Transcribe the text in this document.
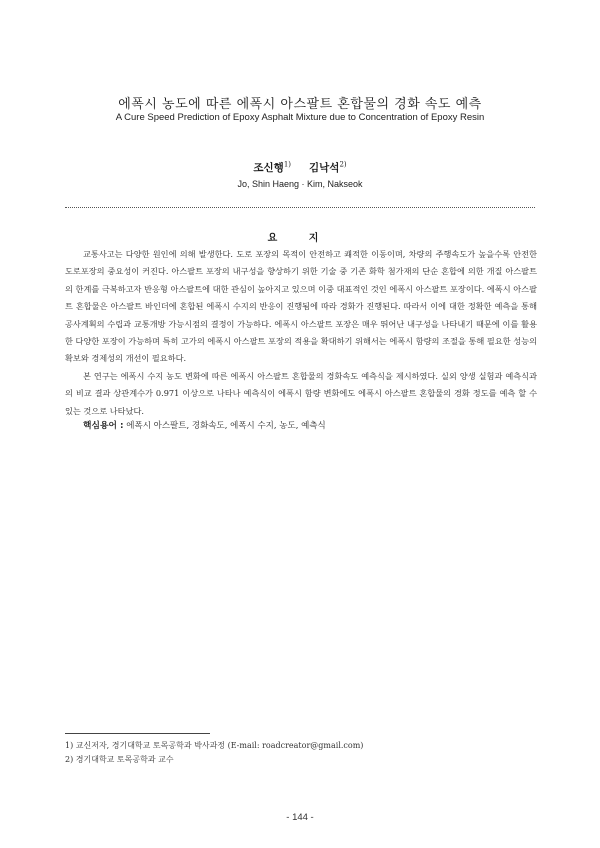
에폭시 농도에 따른 에폭시 아스팔트 혼합물의 경화 속도 예측
A Cure Speed Prediction of Epoxy Asphalt Mixture due to Concentration of Epoxy Resin
조신행$^{1)}$ 김낙석$^{2)}$
Jo, Shin Haeng · Kim, Nakseok
요 지

교통사고는 다양한 원인에 의해 발생한다. 도로 포장의 목적이 안전하고 쾌적한 이동이며, 차량의 주행속도가 높을수록 안전한 도로포장의 중요성이 커진다. 아스팔트 포장의 내구성을 향상하기 위한 기술 중 기존 화학 첨가재의 단순 혼합에 의한 개질 아스팔트의 한계를 극복하고자 반응형 아스팔트에 대한 관심이 높아지고 있으며 이중 대표적인 것인 에폭시 아스팔트 포장이다. 에폭시 아스팔트 혼합물은 아스팔트 바인더에 혼합된 에폭시 수지의 반응이 진행됨에 따라 경화가 진행된다. 따라서 이에 대한 정확한 예측을 통해 공사계획의 수립과 교통개방 가능시점의 결정이 가능하다. 에폭시 아스팔트 포장은 매우 뛰어난 내구성을 나타내기 때문에 이를 활용한 다양한 포장이 가능하며 특히 고가의 에폭시 아스팔트 포장의 적용을 확대하기 위해서는 에폭시 함량의 조절을 통해 필요한 성능의 확보와 경제성의 개선이 필요하다.

본 연구는 에폭시 수지 농도 변화에 따른 에폭시 아스팔트 혼합물의 경화속도 예측식을 제시하였다. 실외 양생 실험과 예측식과의 비교 결과 상관계수가 0.971 이상으로 나타나 예측식이 에폭시 함량 변화에도 에폭시 아스팔트 혼합물의 경화 정도를 예측 할 수 있는 것으로 나타났다.

핵심용어 : 에폭시 아스팔트, 경화속도, 에폭시 수지, 농도, 예측식
1) 교신저자, 경기대학교 토목공학과 박사과정 (E-mail: roadcreator@gmail.com)
2) 경기대학교 토목공학과 교수
- 144 -
